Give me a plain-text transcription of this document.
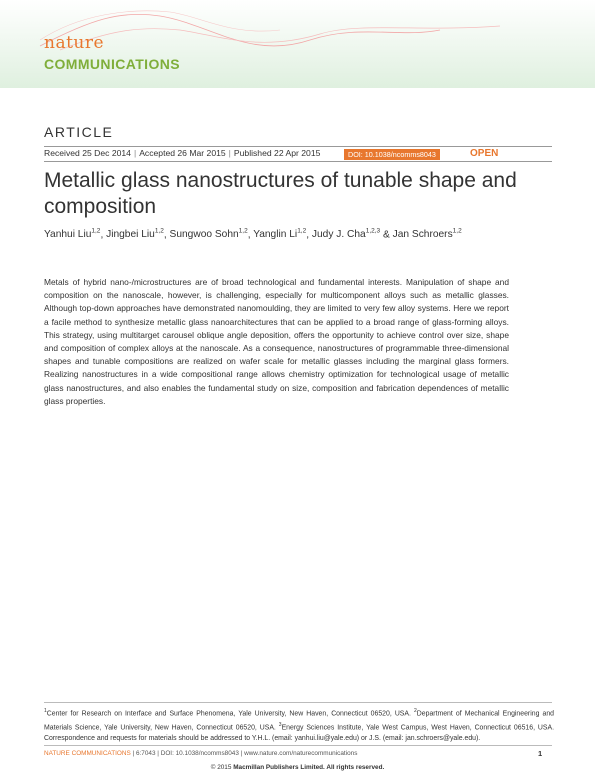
nature
COMMUNICATIONS
ARTICLE
Received 25 Dec 2014 | Accepted 26 Mar 2015 | Published 22 Apr 2015	DOI: 10.1038/ncomms8043	OPEN
Metallic glass nanostructures of tunable shape and composition
Yanhui Liu$^{1,2}$, Jingbei Liu$^{1,2}$, Sungwoo Sohn$^{1,2}$, Yanglin Li$^{1,2}$, Judy J. Cha$^{1,2,3}$ & Jan Schroers$^{1,2}$

Metals of hybrid nano-/microstructures are of broad technological and fundamental interests. Manipulation of shape and composition on the nanoscale, however, is challenging, especially for multicomponent alloys such as metallic glasses. Although top-down approaches have demonstrated nanomoulding, they are limited to very few alloy systems. Here we report a facile method to synthesize metallic glass nanoarchitectures that can be applied to a broad range of glass-forming alloys. This strategy, using multitarget carousel oblique angle deposition, offers the opportunity to achieve control over size, shape and composition of complex alloys at the nanoscale. As a consequence, nanostructures of programmable three-dimensional shapes and tunable compositions are realized on wafer scale for metallic glasses including the marginal glass formers. Realizing nanostructures in a wide compositional range allows chemistry optimization for technological usage of metallic glass nanostructures, and also enables the fundamental study on size, composition and fabrication dependences of metallic glass properties.

$^1$Center for Research on Interface and Surface Phenomena, Yale University, New Haven, Connecticut 06520, USA. $^2$Department of Mechanical Engineering and Materials Science, Yale University, New Haven, Connecticut 06520, USA. $^3$Energy Sciences Institute, Yale West Campus, West Haven, Connecticut 06516, USA. Correspondence and requests for materials should be addressed to Y.H.L. (email: yanhui.liu@yale.edu) or J.S. (email: jan.schroers@yale.edu).

NATURE COMMUNICATIONS | 6:7043 | DOI: 10.1038/ncomms8043 | www.nature.com/naturecommunications	1
© 2015 Macmillan Publishers Limited. All rights reserved.
